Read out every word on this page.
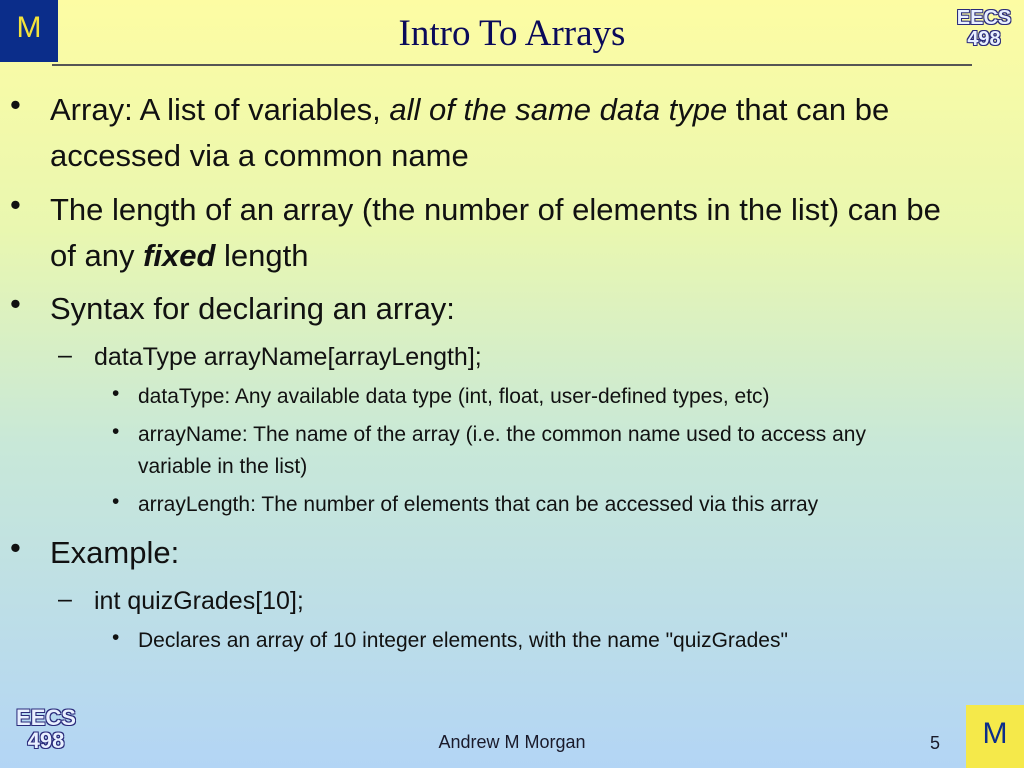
M	Intro To Arrays	EECS
498
• Array: A list of variables, all of the same data type that can be
accessed via a common name
• The length of an array (the number of elements in the list) can be
of any fixed length
• Syntax for declaring an array:
– dataType arrayName[arrayLength];
• dataType: Any available data type (int, float, user-defined types, etc)
• arrayName: The name of the array (i.e. the common name used to access any
variable in the list)
• arrayLength: The number of elements that can be accessed via this array
• Example:
– int quizGrades[10];
• Declares an array of 10 integer elements, with the name "quizGrades"
EECS
498	Andrew M Morgan	5	M
